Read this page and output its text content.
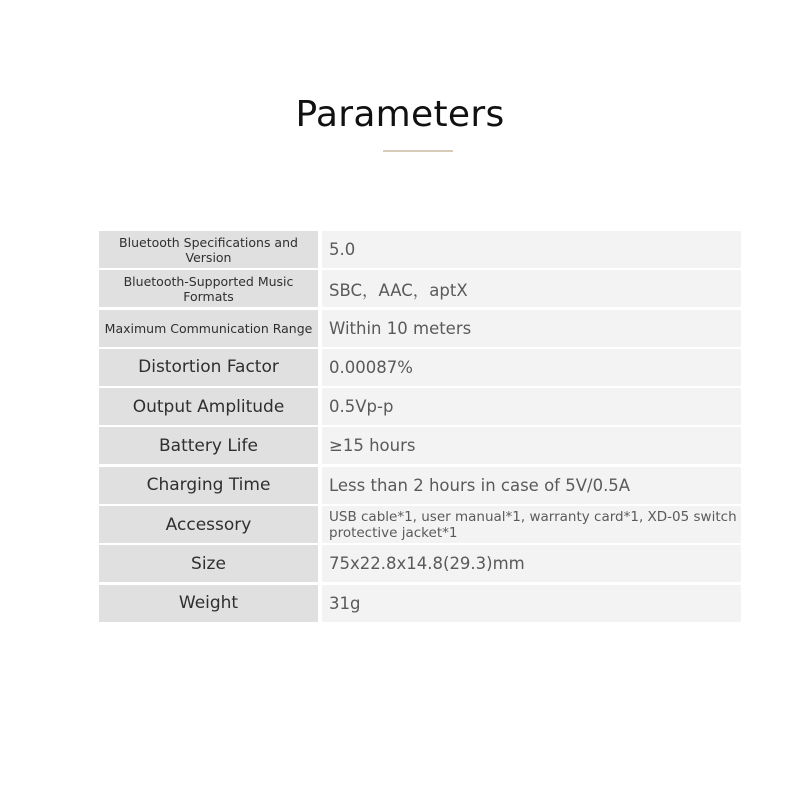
Parameters
Bluetooth Specifications and Version	5.0
Bluetooth-Supported Music Formats	SBC，AAC，aptX
Maximum Communication Range	Within 10 meters
Distortion Factor	0.00087%
Output Amplitude	0.5Vp-p
Battery Life	≥15 hours
Charging Time	Less than 2 hours in case of 5V/0.5A
Accessory	USB cable*1, user manual*1, warranty card*1, XD-05 switch protective jacket*1
Size	75x22.8x14.8(29.3)mm
Weight	31g
